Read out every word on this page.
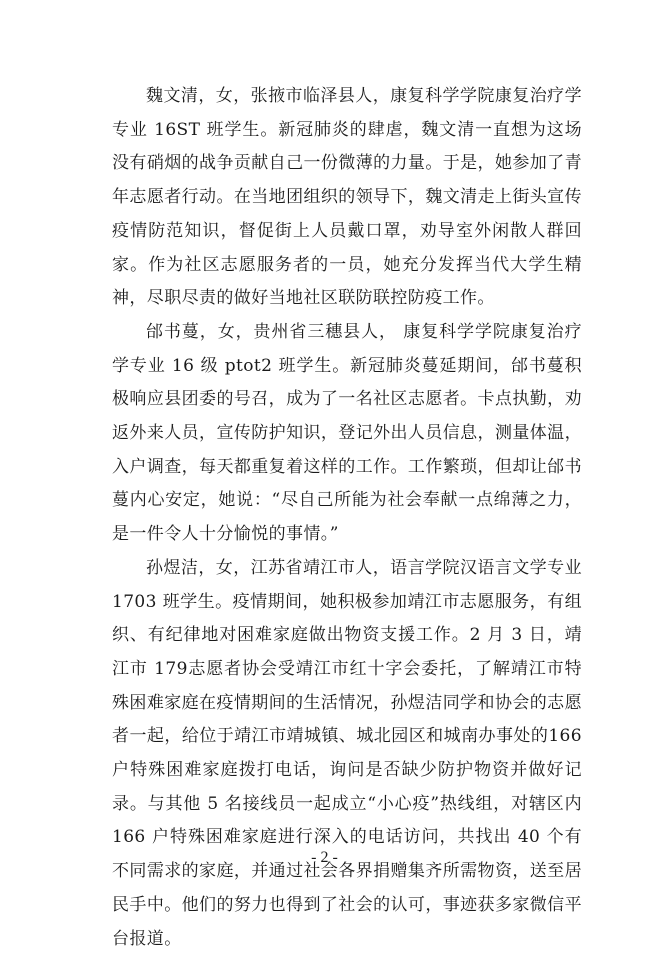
魏文清，女，张掖市临泽县人，康复科学学院康复治疗学专业 16ST 班学生。新冠肺炎的肆虐，魏文清一直想为这场没有硝烟的战争贡献自己一份微薄的力量。于是，她参加了青年志愿者行动。在当地团组织的领导下，魏文清走上街头宣传疫情防范知识，督促街上人员戴口罩，劝导室外闲散人群回家。作为社区志愿服务者的一员，她充分发挥当代大学生精神，尽职尽责的做好当地社区联防联控防疫工作。

邰书蔓，女，贵州省三穗县人， 康复科学学院康复治疗学专业 16 级 ptot2 班学生。新冠肺炎蔓延期间，邰书蔓积极响应县团委的号召，成为了一名社区志愿者。卡点执勤，劝返外来人员，宣传防护知识，登记外出人员信息，测量体温，入户调查，每天都重复着这样的工作。工作繁琐，但却让邰书蔓内心安定，她说：“尽自己所能为社会奉献一点绵薄之力，是一件令人十分愉悦的事情。”

孙煜洁，女，江苏省靖江市人，语言学院汉语言文学专业1703 班学生。疫情期间，她积极参加靖江市志愿服务，有组织、有纪律地对困难家庭做出物资支援工作。2 月 3 日，靖江市 179志愿者协会受靖江市红十字会委托，了解靖江市特殊困难家庭在疫情期间的生活情况，孙煜洁同学和协会的志愿者一起，给位于靖江市靖城镇、城北园区和城南办事处的166 户特殊困难家庭拨打电话，询问是否缺少防护物资并做好记录。与其他 5 名接线员一起成立“小心疫”热线组，对辖区内 166 户特殊困难家庭进行深入的电话访问，共找出 40 个有不同需求的家庭，并通过社会各界捐赠集齐所需物资，送至居民手中。他们的努力也得到了社会的认可，事迹获多家微信平台报道。

- 2 -
